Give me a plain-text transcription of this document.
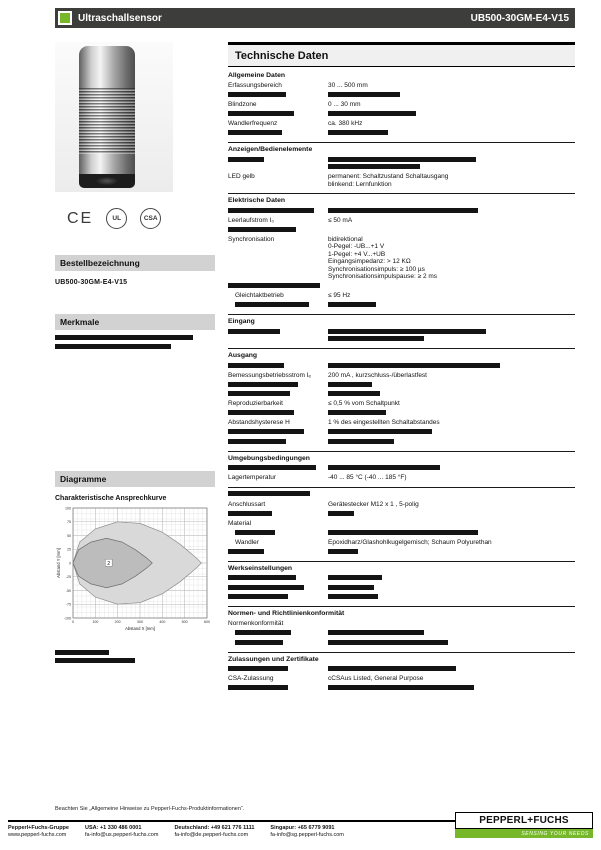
Ultraschallsensor	UB500-30GM-E4-V15
CE	UL	CSA
Bestellbezeichnung
UB500-30GM-E4-V15
Merkmale
Diagramme
Charakteristische Ansprechkurve
2
-100
-75
-50
-25
0
25
50
75
100
0	100	200	300	400	500	600
Abstand X [mm]
Abstand Y [mm]
Technische Daten
Allgemeine Daten
Erfassungsbereich	30 ... 500 mm
Blindzone	0 ... 30 mm
Wandlerfrequenz	ca. 380 kHz
Anzeigen/Bedienelemente
LED gelb	permanent: Schaltzustand Schaltausgang
blinkend: Lernfunktion
Elektrische Daten
Leerlaufstrom I₀	≤ 50 mA
Synchronisation	bidirektional
0-Pegel: -UB...+1 V
1-Pegel: +4 V...+UB
Eingangsimpedanz: > 12 KΩ
Synchronisationsimpuls: ≥ 100 µs
Synchronisationsimpulspause: ≥ 2 ms
Gleichtaktbetrieb	≤ 95 Hz
Eingang
Ausgang
Bemessungsbetriebsstrom Iₑ	200 mA , kurzschluss-/überlastfest
Reproduzierbarkeit	≤ 0,5 % vom Schaltpunkt
Abstandshysterese H	1 % des eingestellten Schaltabstandes
Umgebungsbedingungen
Lagertemperatur	-40 ... 85 °C (-40 ... 185 °F)
Anschlussart	Gerätestecker M12 x 1 , 5-polig
Material
Wandler	Epoxidharz/Glashohlkugelgemisch; Schaum Polyurethan
Werkseinstellungen
Normen- und Richtlinienkonformität
Normenkonformität
Zulassungen und Zertifikate
CSA-Zulassung	cCSAus Listed, General Purpose
Beachten Sie „Allgemeine Hinweise zu Pepperl-Fuchs-Produktinformationen“.
Pepperl+Fuchs-Gruppe
www.pepperl-fuchs.com
USA: +1 330 486 0001
fa-info@us.pepperl-fuchs.com
Deutschland: +49 621 776 1111
fa-info@de.pepperl-fuchs.com
Singapur: +65 6779 9091
fa-info@sg.pepperl-fuchs.com
PEPPERL+FUCHS
SENSING YOUR NEEDS
